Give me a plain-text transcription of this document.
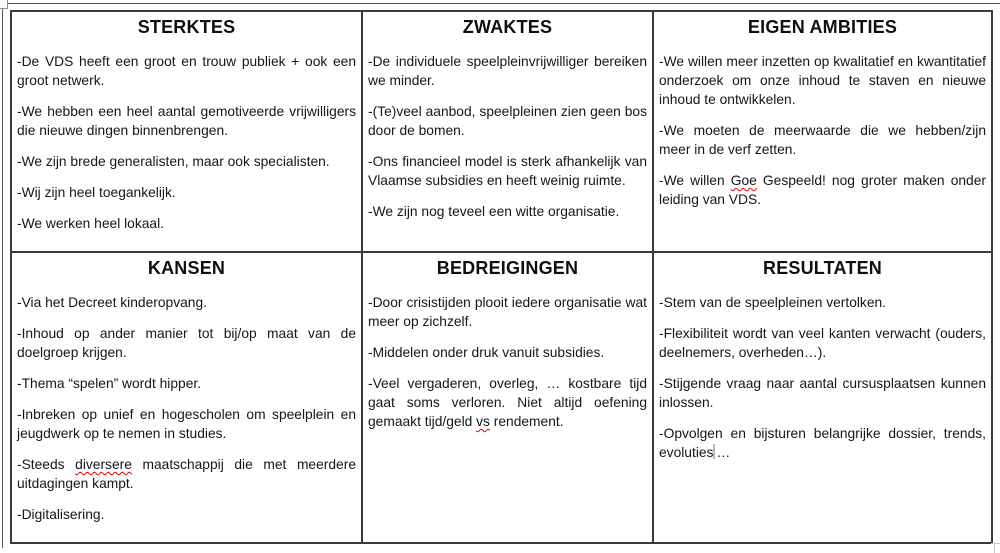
STERKTES

-De VDS heeft een groot en trouw publiek + ook een groot netwerk.

-We hebben een heel aantal gemotiveerde vrijwilligers die nieuwe dingen binnenbrengen.

-We zijn brede generalisten, maar ook specialisten.

-Wij zijn heel toegankelijk.

-We werken heel lokaal.

ZWAKTES

-De individuele speelpleinvrijwilliger bereiken we minder.

-(Te)veel aanbod, speelpleinen zien geen bos door de bomen.

-Ons financieel model is sterk afhankelijk van Vlaamse subsidies en heeft weinig ruimte.

-We zijn nog teveel een witte organisatie.

EIGEN AMBITIES

-We willen meer inzetten op kwalitatief en kwantitatief onderzoek om onze inhoud te staven en nieuwe inhoud te ontwikkelen.

-We moeten de meerwaarde die we hebben/zijn meer in de verf zetten.

-We willen Goe Gespeeld! nog groter maken onder leiding van VDS.

KANSEN

-Via het Decreet kinderopvang.

-Inhoud op ander manier tot bij/op maat van de doelgroep krijgen.

-Thema “spelen” wordt hipper.

-Inbreken op unief en hogescholen om speelplein en jeugdwerk op te nemen in studies.

-Steeds diversere maatschappij die met meerdere uitdagingen kampt.

-Digitalisering.

BEDREIGINGEN

-Door crisistijden plooit iedere organisatie wat meer op zichzelf.

-Middelen onder druk vanuit subsidies.

-Veel vergaderen, overleg, … kostbare tijd gaat soms verloren. Niet altijd oefening gemaakt tijd/geld vs rendement.

RESULTATEN

-Stem van de speelpleinen vertolken.

-Flexibiliteit wordt van veel kanten verwacht (ouders, deelnemers, overheden…).

-Stijgende vraag naar aantal cursusplaatsen kunnen inlossen.

-Opvolgen en bijsturen belangrijke dossier, trends, evoluties …
